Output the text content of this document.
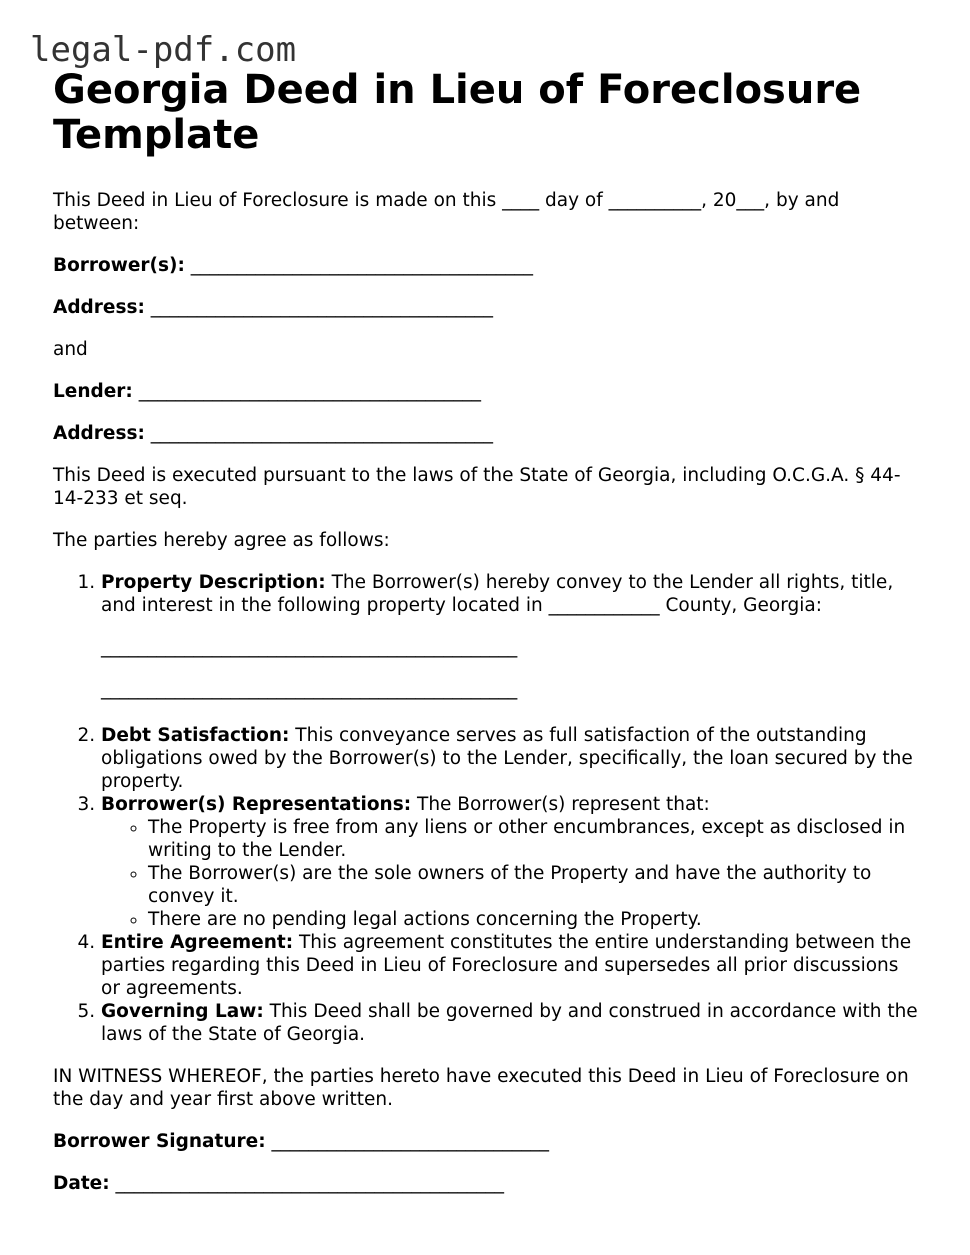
legal-pdf.com
Georgia Deed in Lieu of Foreclosure Template

This Deed in Lieu of Foreclosure is made on this ____ day of __________, 20___, by and between:

Borrower(s): _____________________________________

Address: _____________________________________

and

Lender: _____________________________________

Address: _____________________________________

This Deed is executed pursuant to the laws of the State of Georgia, including O.C.G.A. § 44-14-233 et seq.

The parties hereby agree as follows:

1. Property Description: The Borrower(s) hereby convey to the Lender all rights, title, and interest in the following property located in ____________ County, Georgia:
_____________________________________________
_____________________________________________
2. Debt Satisfaction: This conveyance serves as full satisfaction of the outstanding obligations owed by the Borrower(s) to the Lender, specifically, the loan secured by the property.
3. Borrower(s) Representations: The Borrower(s) represent that:
◦ The Property is free from any liens or other encumbrances, except as disclosed in writing to the Lender.
◦ The Borrower(s) are the sole owners of the Property and have the authority to convey it.
◦ There are no pending legal actions concerning the Property.
4. Entire Agreement: This agreement constitutes the entire understanding between the parties regarding this Deed in Lieu of Foreclosure and supersedes all prior discussions or agreements.
5. Governing Law: This Deed shall be governed by and construed in accordance with the laws of the State of Georgia.

IN WITNESS WHEREOF, the parties hereto have executed this Deed in Lieu of Foreclosure on the day and year first above written.

Borrower Signature: ______________________________

Date: __________________________________________
